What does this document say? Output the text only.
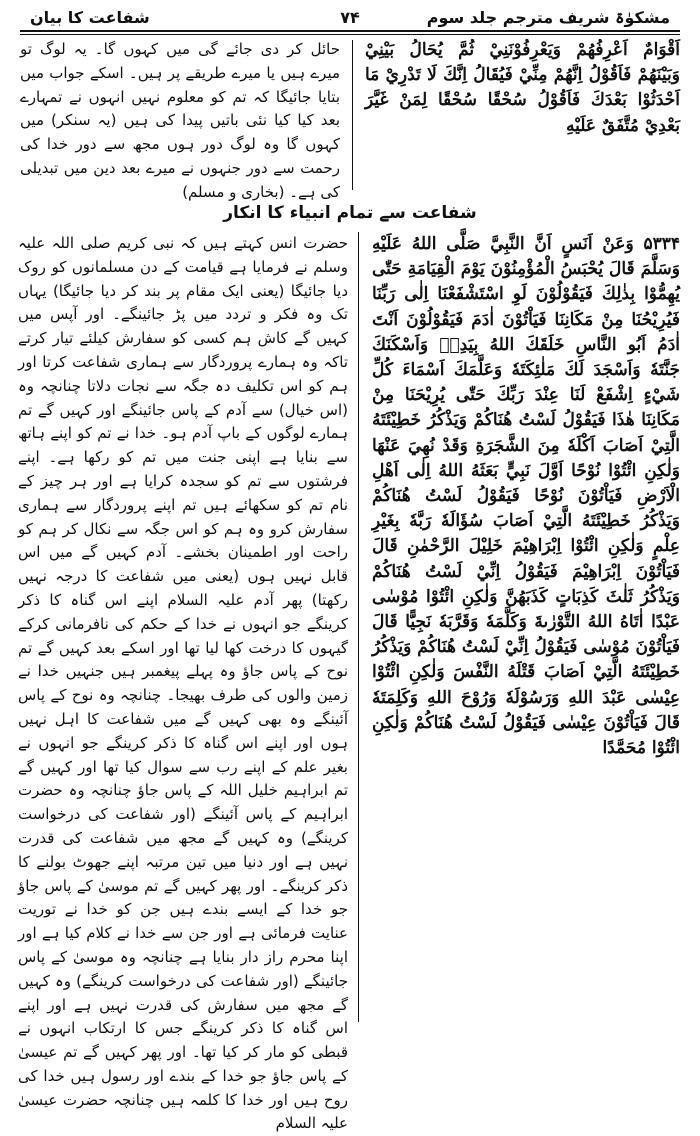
مشکوٰۃ شریف مترجم جلد سوم
۷۴
شفاعت کا بیان

اَقْوَامٌ اَعْرِفُهُمْ وَيَعْرِفُوْنَنِيْ ثُمَّ يُحَالُ بَيْنِيْ وَبَيْنَهُمْ فَاَقُوْلُ اِنَّهُمْ مِنِّيْ فَيُقَالُ اِنَّكَ لَا تَدْرِيْ مَا اَحْدَثُوْا بَعْدَكَ فَاَقُوْلُ سُحْقًا سُحْقًا لِمَنْ غَيَّرَ بَعْدِيْ مُتَّفَقٌ عَلَيْهِ

حائل کر دی جائے گی میں کہوں گا۔ یہ لوگ تو میرے ہیں یا میرے طریقے پر ہیں۔ اسکے جواب میں بتایا جائیگا کہ تم کو معلوم نہیں انہوں نے تمہارے بعد کیا کیا نئی باتیں پیدا کی ہیں (یہ سنکر) میں کہوں گا وہ لوگ دور ہوں مجھ سے دور خدا کی رحمت سے دور جنہوں نے میرے بعد دین میں تبدیلی کی ہے۔ (بخاری و مسلم)

شفاعت سے تمام انبیاء کا انکار

۵۳۳۴ وَعَنْ اَنَسٍ اَنَّ النَّبِيَّ صَلَّى اللهُ عَلَيْهِ وَسَلَّمَ قَالَ يُحْبَسُ الْمُؤْمِنُوْنَ يَوْمَ الْقِيَامَةِ حَتّٰى يُهِمُّوْا بِذٰلِكَ فَيَقُوْلُوْنَ لَوِ اسْتَشْفَعْنَا اِلٰى رَبِّنَا فَيُرِيْحُنَا مِنْ مَكَانِنَا فَيَاْتُوْنَ اٰدَمَ فَيَقُوْلُوْنَ اَنْتَ اٰدَمُ اَبُو النَّاسِ خَلَقَكَ اللهُ بِيَدِهٖ وَاَسْكَنَكَ جَنَّتَهٗ وَاَسْجَدَ لَكَ مَلٰئِكَتَهٗ وَعَلَّمَكَ اَسْمَاءَ كُلِّ شَيْءٍ اِشْفَعْ لَنَا عِنْدَ رَبِّكَ حَتّٰى يُرِيْحَنَا مِنْ مَكَانِنَا هٰذَا فَيَقُوْلُ لَسْتُ هُنَاكُمْ وَيَذْكُرُ خَطِيْئَتَهُ الَّتِيْ اَصَابَ اَكْلَهٗ مِنَ الشَّجَرَةِ وَقَدْ نُهِيَ عَنْهَا وَلٰكِنِ ائْتُوْا نُوْحًا اَوَّلَ نَبِيٍّ بَعَثَهُ اللهُ اِلٰى اَهْلِ الْاَرْضِ فَيَاْتُوْنَ نُوْحًا فَيَقُوْلُ لَسْتُ هُنَاكُمْ وَيَذْكُرُ خَطِيْئَتَهُ الَّتِيْ اَصَابَ سُؤَالَهٗ رَبَّهٗ بِغَيْرِ عِلْمٍ وَلٰكِنِ ائْتُوْا اِبْرَاهِيْمَ خَلِيْلَ الرَّحْمٰنِ قَالَ فَيَاْتُوْنَ اِبْرَاهِيْمَ فَيَقُوْلُ اِنِّيْ لَسْتُ هُنَاكُمْ وَيَذْكُرُ ثَلٰثَ كَذِبَاتٍ كَذَبَهُنَّ وَلٰكِنِ ائْتُوْا مُوْسٰى عَبْدًا اٰتَاهُ اللهُ التَّوْرٰىةَ وَكَلَّمَهٗ وَقَرَّبَهٗ نَجِيًّا قَالَ فَيَاْتُوْنَ مُوْسٰى فَيَقُوْلُ اِنِّيْ لَسْتُ هُنَاكُمْ وَيَذْكُرُ خَطِيْئَتَهُ الَّتِيْ اَصَابَ قَتْلَهُ النَّفْسَ وَلٰكِنِ ائْتُوْا عِيْسٰى عَبْدَ اللهِ وَرَسُوْلَهٗ وَرُوْحَ اللهِ وَكَلِمَتَهٗ قَالَ فَيَاْتُوْنَ عِيْسٰى فَيَقُوْلُ لَسْتُ هُنَاكُمْ وَلٰكِنِ ائْتُوْا مُحَمَّدًا

حضرت انس کہتے ہیں کہ نبی کریم صلی اللہ علیہ وسلم نے فرمایا ہے قیامت کے دن مسلمانوں کو روک دیا جائیگا (یعنی ایک مقام پر بند کر دیا جائیگا) یہاں تک وہ فکر و تردد میں پڑ جائینگے۔ اور آپس میں کہیں گے کاش ہم کسی کو سفارش کیلئے تیار کرتے تاکہ وہ ہمارے پروردگار سے ہماری شفاعت کرتا اور ہم کو اس تکلیف دہ جگہ سے نجات دلاتا چنانچہ وہ (اس خیال) سے آدم کے پاس جائینگے اور کہیں گے تم ہمارے لوگوں کے باپ آدم ہو۔ خدا نے تم کو اپنے ہاتھ سے بنایا ہے اپنی جنت میں تم کو رکھا ہے۔ اپنے فرشتوں سے تم کو سجدہ کرایا ہے اور ہر چیز کے نام تم کو سکھائے ہیں تم اپنے پروردگار سے ہماری سفارش کرو وہ ہم کو اس جگہ سے نکال کر ہم کو راحت اور اطمینان بخشے۔ آدم کہیں گے میں اس قابل نہیں ہوں (یعنی میں شفاعت کا درجہ نہیں رکھتا) پھر آدم علیہ السلام اپنے اس گناہ کا ذکر کرینگے جو انہوں نے خدا کے حکم کی نافرمانی کرکے گیہوں کا درخت کھا لیا تھا اور اسکے بعد کہیں گے تم نوح کے پاس جاؤ وہ پہلے پیغمبر ہیں جنہیں خدا نے زمین والوں کی طرف بھیجا۔ چنانچہ وہ نوح کے پاس آئینگے وہ بھی کہیں گے میں شفاعت کا اہل نہیں ہوں اور اپنے اس گناہ کا ذکر کرینگے جو انہوں نے بغیر علم کے اپنے رب سے سوال کیا تھا اور کہیں گے تم ابراہیم خلیل اللہ کے پاس جاؤ چنانچہ وہ حضرت ابراہیم کے پاس آئینگے (اور شفاعت کی درخواست کرینگے) وہ کہیں گے مجھ میں شفاعت کی قدرت نہیں ہے اور دنیا میں تین مرتبہ اپنے جھوٹ بولنے کا ذکر کرینگے۔ اور پھر کہیں گے تم موسیٰ کے پاس جاؤ جو خدا کے ایسے بندے ہیں جن کو خدا نے توریت عنایت فرمائی ہے اور جن سے خدا نے کلام کیا ہے اور اپنا محرم راز دار بنایا ہے چنانچہ وہ موسیٰ کے پاس جائینگے (اور شفاعت کی درخواست کرینگے) وہ کہیں گے مجھ میں سفارش کی قدرت نہیں ہے اور اپنے اس گناہ کا ذکر کرینگے جس کا ارتکاب انہوں نے قبطی کو مار کر کیا تھا۔ اور پھر کہیں گے تم عیسیٰ کے پاس جاؤ جو خدا کے بندے اور رسول ہیں خدا کی روح ہیں اور خدا کا کلمہ ہیں چنانچہ حضرت عیسیٰ علیہ السلام
